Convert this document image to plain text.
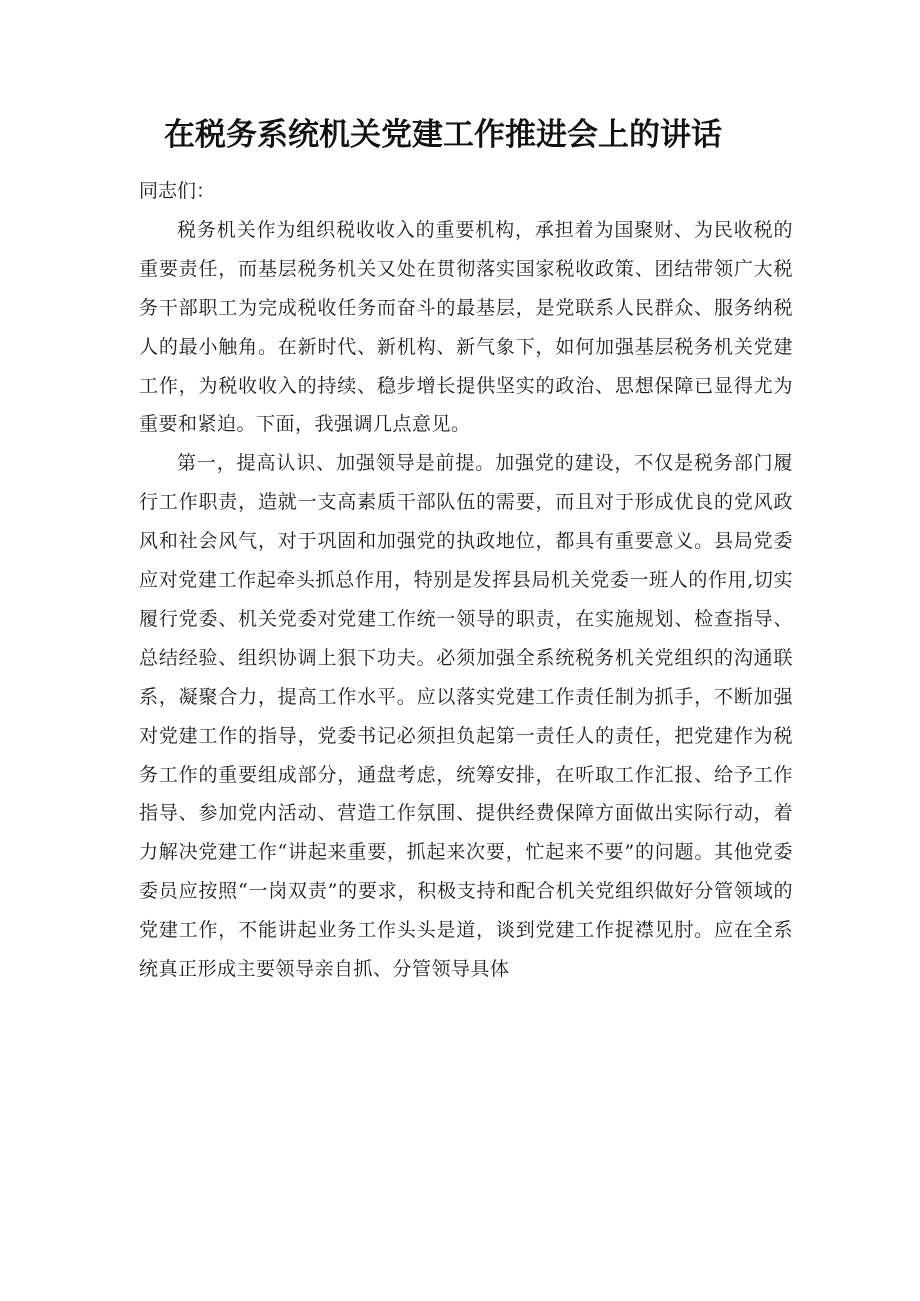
在税务系统机关党建工作推进会上的讲话

同志们：

税务机关作为组织税收收入的重要机构，承担着为国聚财、为民收税的重要责任，而基层税务机关又处在贯彻落实国家税收政策、团结带领广大税务干部职工为完成税收任务而奋斗的最基层，是党联系人民群众、服务纳税人的最小触角。在新时代、新机构、新气象下，如何加强基层税务机关党建工作，为税收收入的持续、稳步增长提供坚实的政治、思想保障已显得尤为重要和紧迫。下面，我强调几点意见。

第一，提高认识、加强领导是前提。加强党的建设，不仅是税务部门履行工作职责，造就一支高素质干部队伍的需要，而且对于形成优良的党风政风和社会风气，对于巩固和加强党的执政地位，都具有重要意义。县局党委应对党建工作起牵头抓总作用，特别是发挥县局机关党委一班人的作用,切实履行党委、机关党委对党建工作统一领导的职责，在实施规划、检查指导、总结经验、组织协调上狠下功夫。必须加强全系统税务机关党组织的沟通联系，凝聚合力，提高工作水平。应以落实党建工作责任制为抓手，不断加强对党建工作的指导，党委书记必须担负起第一责任人的责任，把党建作为税务工作的重要组成部分，通盘考虑，统筹安排，在听取工作汇报、给予工作指导、参加党内活动、营造工作氛围、提供经费保障方面做出实际行动，着力解决党建工作“讲起来重要，抓起来次要，忙起来不要”的问题。其他党委委员应按照“一岗双责”的要求，积极支持和配合机关党组织做好分管领域的党建工作，不能讲起业务工作头头是道，谈到党建工作捉襟见肘。应在全系统真正形成主要领导亲自抓、分管领导具体
